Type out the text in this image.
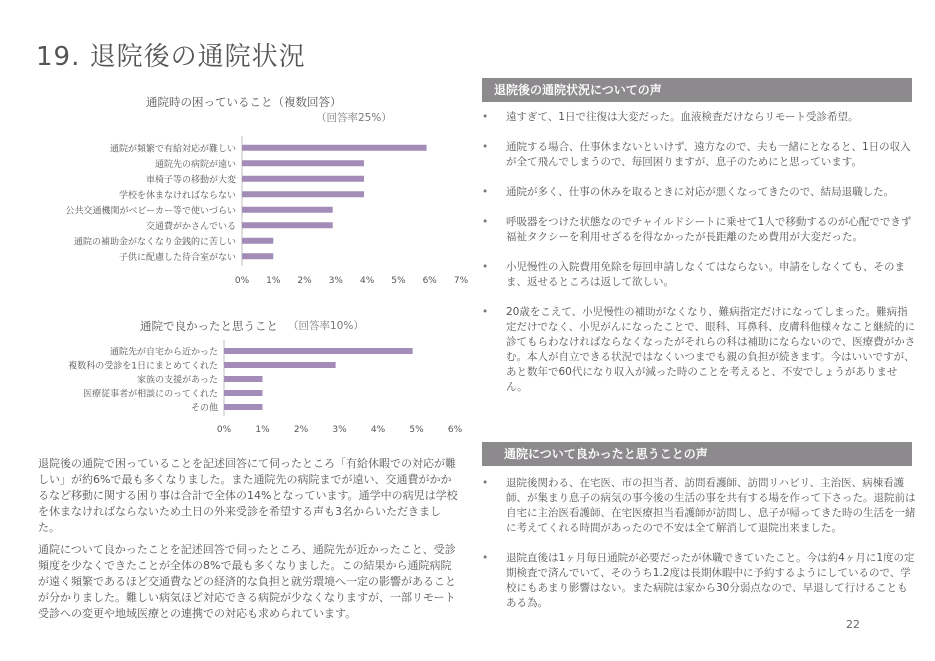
19. 退院後の通院状況
通院時の困っていること（複数回答）
（回答率25%）
通院が頻繁で有給対応が難しい
通院先の病院が遠い
車椅子等の移動が大変
学校を休まなければならない
公共交通機関がベビーカー等で使いづらい
交通費がかさんでいる
通院の補助金がなくなり金銭的に苦しい
子供に配慮した待合室がない
0% 1% 2% 3% 4% 5% 6% 7%
通院で良かったと思うこと （回答率10%）
通院先が自宅から近かった
複数科の受診を1日にまとめてくれた
家族の支援があった
医療従事者が相談にのってくれた
その他
0%	1%	2%	3%	4%	5%	6%
退院後の通院で困っていることを記述回答にて伺ったところ「有給休暇での対応が難しい」が約6%で最も多くなりました。また通院先の病院までが遠い、交通費がかかるなど移動に関する困り事は合計で全体の14%となっています。通学中の病児は学校を休まなければならないため土日の外来受診を希望する声も3名からいただきました。
通院について良かったことを記述回答で伺ったところ、通院先が近かったこと、受診頻度を少なくできたことが全体の8%で最も多くなりました。この結果から通院病院が遠く頻繁であるほど交通費などの経済的な負担と就労環境へ一定の影響があることが分かりました。難しい病気ほど対応できる病院が少なくなりますが、一部リモート受診への変更や地域医療との連携での対応も求められています。
退院後の通院状況についての声
• 遠すぎて、1日で往復は大変だった。血液検査だけならリモート受診希望。
• 通院する場合、仕事休まないといけず、遠方なので、夫も一緒にとなると、1日の収入が全て飛んでしまうので、毎回困りますが、息子のためにと思っています。
• 通院が多く、仕事の休みを取るときに対応が悪くなってきたので、結局退職した。
• 呼吸器をつけた状態なのでチャイルドシートに乗せて1人で移動するのが心配でできず福祉タクシーを利用せざるを得なかったが長距離のため費用が大変だった。
• 小児慢性の入院費用免除を毎回申請しなくてはならない。申請をしなくても、そのまま、返せるところは返して欲しい。
• 20歳をこえて、小児慢性の補助がなくなり、難病指定だけになってしまった。難病指定だけでなく、小児がんになったことで、眼科、耳鼻科、皮膚科他様々なこと継続的に診てもらわなければならなくなったがそれらの科は補助にならないので、医療費がかさむ。本人が自立できる状況ではなくいつまでも親の負担が続きます。今はいいですが、あと数年で60代になり収入が減った時のことを考えると、不安でしょうがありません。
通院について良かったと思うことの声
• 退院後関わる、在宅医、市の担当者、訪問看護師、訪問リハビリ、主治医、病棟看護師、が集まり息子の病気の事今後の生活の事を共有する場を作って下さった。退院前は自宅に主治医看護師、在宅医療担当看護師が訪問し、息子が帰ってきた時の生活を一緒に考えてくれる時間があったので不安は全て解消して退院出来ました。
• 退院直後は1ヶ月毎日通院が必要だったが休職できていたこと。今は約4ヶ月に1度の定期検査で済んでいて、そのうち1.2度は長期休暇中に予約するようにしているので、学校にもあまり影響はない。また病院は家から30分弱点なので、早退して行けることもある為。
22
